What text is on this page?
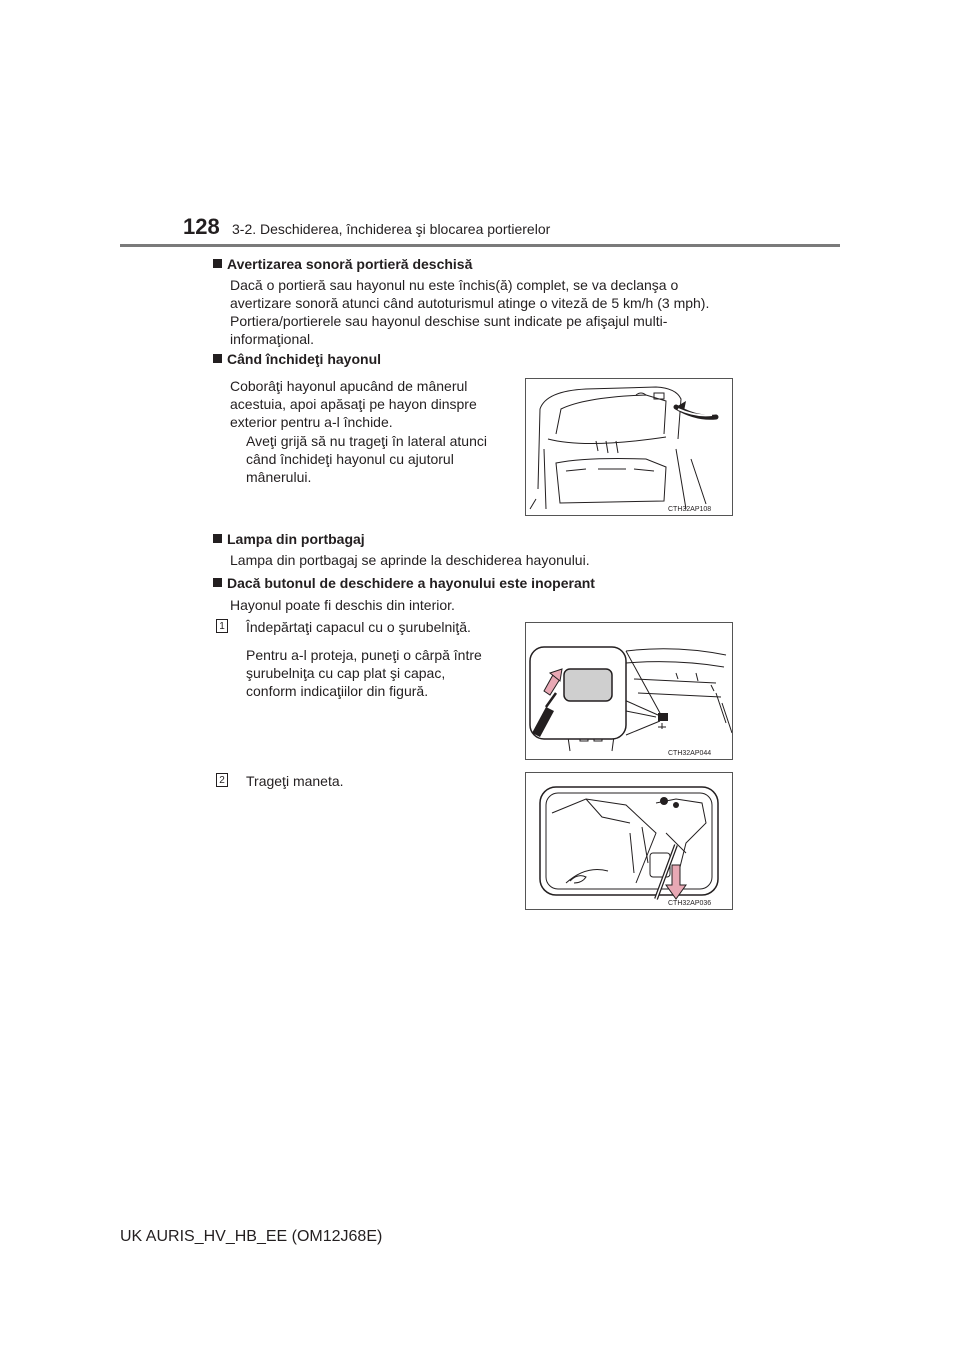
128 3-2. Deschiderea, închiderea şi blocarea portierelor
Avertizarea sonoră portieră deschisă
Dacă o portieră sau hayonul nu este închis(ă) complet, se va declanşa o
avertizare sonoră atunci când autoturismul atinge o viteză de 5 km/h (3 mph).
Portiera/portierele sau hayonul deschise sunt indicate pe afişajul multi-
informaţional.
Când închideţi hayonul
Coborâţi hayonul apucând de mânerul
acestuia, apoi apăsaţi pe hayon dinspre
exterior pentru a-l închide.
Aveţi grijă să nu trageţi în lateral atunci
când închideţi hayonul cu ajutorul
mânerului.
CTH32AP108
Lampa din portbagaj
Lampa din portbagaj se aprinde la deschiderea hayonului.
Dacă butonul de deschidere a hayonului este inoperant
Hayonul poate fi deschis din interior.
1 Îndepărtaţi capacul cu o şurubelniţă.
Pentru a-l proteja, puneţi o cârpă între
şurubelniţa cu cap plat şi capac,
conform indicaţiilor din figură.
CTH32AP044
2 Trageţi maneta.
CTH32AP036
UK AURIS_HV_HB_EE (OM12J68E)
